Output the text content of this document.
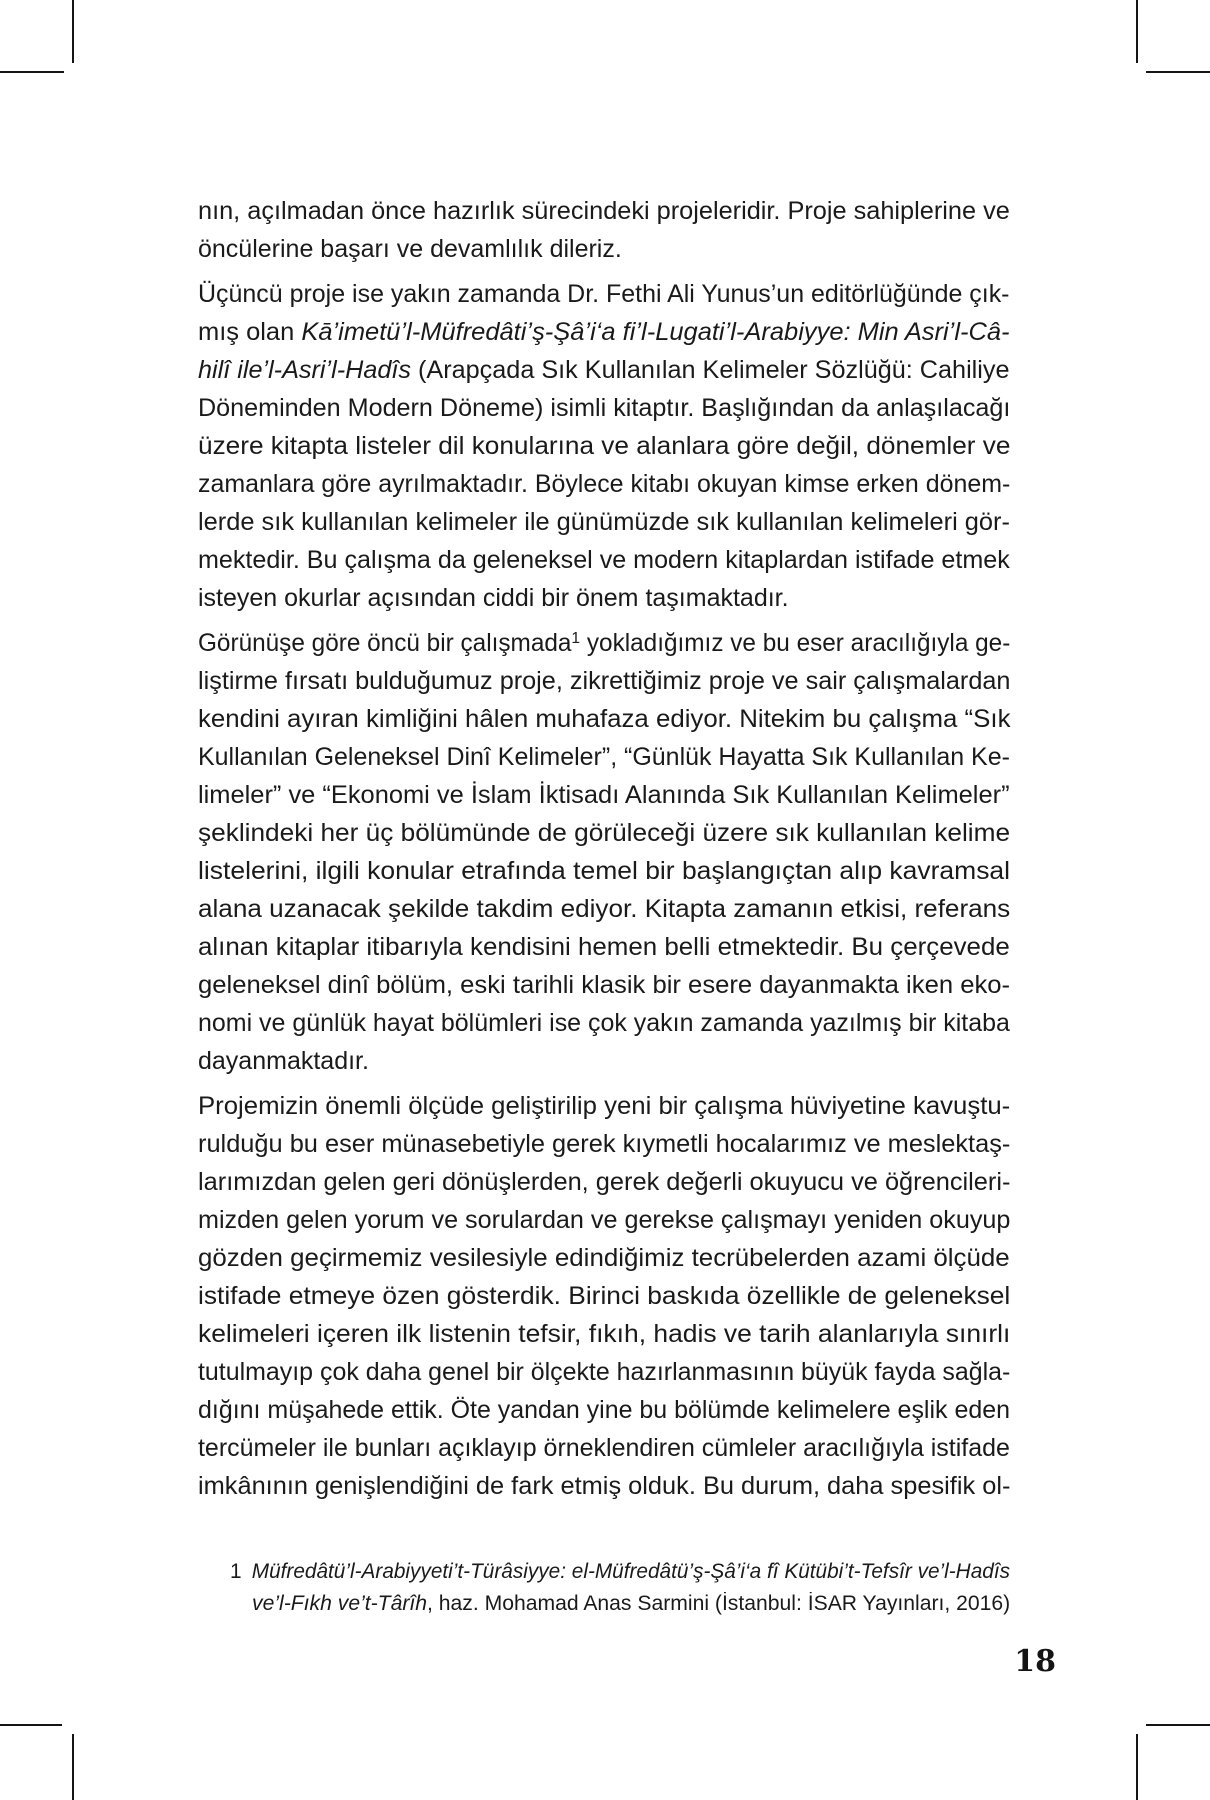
nın, açılmadan önce hazırlık sürecindeki projeleridir. Proje sahiplerine ve
öncülerine başarı ve devamlılık dileriz.
Üçüncü proje ise yakın zamanda Dr. Fethi Ali Yunus’un editörlüğünde çık-
mış olan Kā’imetü’l-Müfredâti’ş-Şâ’i‘a fi’l-Lugati’l-Arabiyye: Min Asri’l-Câ-
hilî ile’l-Asri’l-Hadîs (Arapçada Sık Kullanılan Kelimeler Sözlüğü: Cahiliye
Döneminden Modern Döneme) isimli kitaptır. Başlığından da anlaşılacağı
üzere kitapta listeler dil konularına ve alanlara göre değil, dönemler ve
zamanlara göre ayrılmaktadır. Böylece kitabı okuyan kimse erken dönem-
lerde sık kullanılan kelimeler ile günümüzde sık kullanılan kelimeleri gör-
mektedir. Bu çalışma da geleneksel ve modern kitaplardan istifade etmek
isteyen okurlar açısından ciddi bir önem taşımaktadır.
Görünüşe göre öncü bir çalışmada$^1$ yokladığımız ve bu eser aracılığıyla ge-
liştirme fırsatı bulduğumuz proje, zikrettiğimiz proje ve sair çalışmalardan
kendini ayıran kimliğini hâlen muhafaza ediyor. Nitekim bu çalışma “Sık
Kullanılan Geleneksel Dinî Kelimeler”, “Günlük Hayatta Sık Kullanılan Ke-
limeler” ve “Ekonomi ve İslam İktisadı Alanında Sık Kullanılan Kelimeler”
şeklindeki her üç bölümünde de görüleceği üzere sık kullanılan kelime
listelerini, ilgili konular etrafında temel bir başlangıçtan alıp kavramsal
alana uzanacak şekilde takdim ediyor. Kitapta zamanın etkisi, referans
alınan kitaplar itibarıyla kendisini hemen belli etmektedir. Bu çerçevede
geleneksel dinî bölüm, eski tarihli klasik bir esere dayanmakta iken eko-
nomi ve günlük hayat bölümleri ise çok yakın zamanda yazılmış bir kitaba
dayanmaktadır.
Projemizin önemli ölçüde geliştirilip yeni bir çalışma hüviyetine kavuştu-
rulduğu bu eser münasebetiyle gerek kıymetli hocalarımız ve meslektaş-
larımızdan gelen geri dönüşlerden, gerek değerli okuyucu ve öğrencileri-
mizden gelen yorum ve sorulardan ve gerekse çalışmayı yeniden okuyup
gözden geçirmemiz vesilesiyle edindiğimiz tecrübelerden azami ölçüde
istifade etmeye özen gösterdik. Birinci baskıda özellikle de geleneksel
kelimeleri içeren ilk listenin tefsir, fıkıh, hadis ve tarih alanlarıyla sınırlı
tutulmayıp çok daha genel bir ölçekte hazırlanmasının büyük fayda sağla-
dığını müşahede ettik. Öte yandan yine bu bölümde kelimelere eşlik eden
tercümeler ile bunları açıklayıp örneklendiren cümleler aracılığıyla istifade
imkânının genişlendiğini de fark etmiş olduk. Bu durum, daha spesifik ol-
1 Müfredâtü’l-Arabiyyeti’t-Türâsiyye: el-Müfredâtü’ş-Şâ’i‘a fî Kütübi’t-Tefsîr ve’l-Hadîs
ve’l-Fıkh ve’t-Târîh, haz. Mohamad Anas Sarmini (İstanbul: İSAR Yayınları, 2016)
18
